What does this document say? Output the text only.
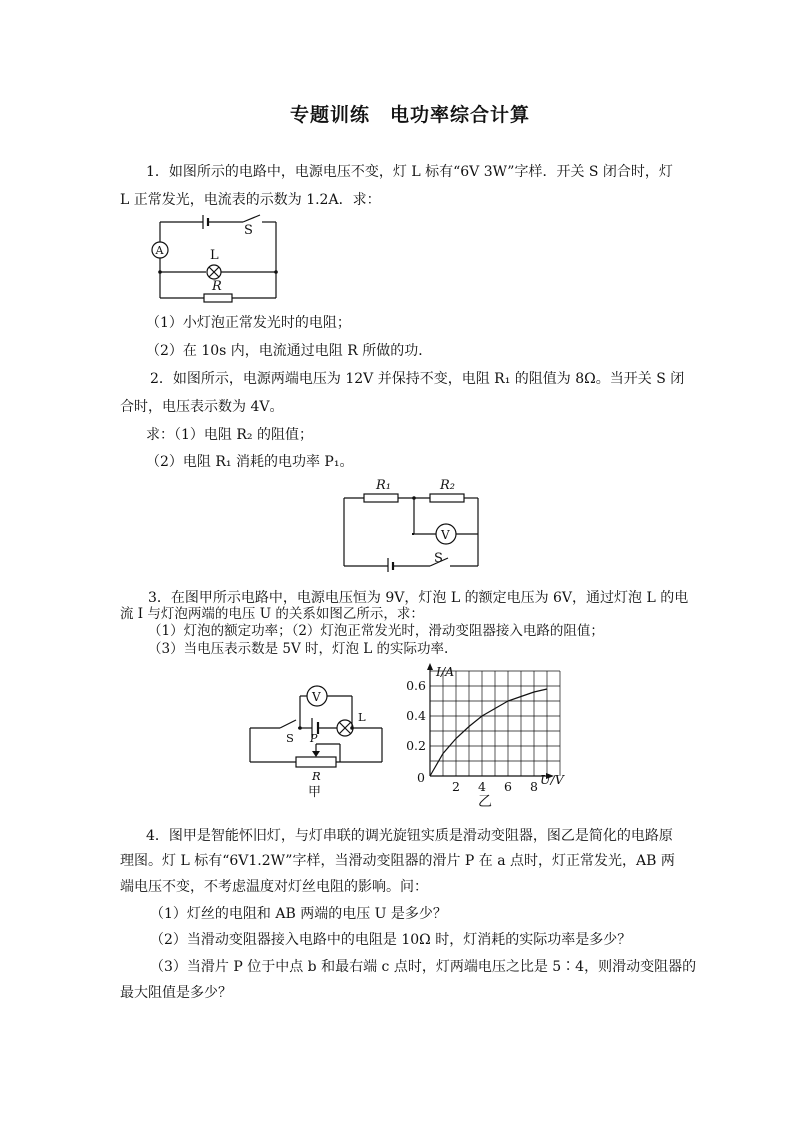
专题训练　电功率综合计算
1．如图所示的电路中，电源电压不变，灯 L 标有“6V 3W”字样．开关 S 闭合时，灯
L 正常发光，电流表的示数为 1.2A．求：
A
S
L
R
（1）小灯泡正常发光时的电阻；
（2）在 10s 内，电流通过电阻 R 所做的功．
2．如图所示，电源两端电压为 12V 并保持不变，电阻 R₁ 的阻值为 8Ω。当开关 S 闭
合时，电压表示数为 4V。
求：（1）电阻 R₂ 的阻值；
（2）电阻 R₁ 消耗的电功率 P₁。
R₁	R₂
V
S
3．在图甲所示电路中，电源电压恒为 9V，灯泡 L 的额定电压为 6V，通过灯泡 L 的电
流 I 与灯泡两端的电压 U 的关系如图乙所示，求：
（1）灯泡的额定功率；（2）灯泡正常发光时，滑动变阻器接入电路的阻值；
（3）当电压表示数是 5V 时，灯泡 L 的实际功率.
V
S
L
P
R
甲
I/A
U/V
0
0.6
0.4
0.2
2 4 6 8
乙
4．图甲是智能怀旧灯，与灯串联的调光旋钮实质是滑动变阻器，图乙是简化的电路原
理图。灯 L 标有“6V1.2W”字样，当滑动变阻器的滑片 P 在 a 点时，灯正常发光，AB 两
端电压不变，不考虑温度对灯丝电阻的影响。问：
（1）灯丝的电阻和 AB 两端的电压 U 是多少？
（2）当滑动变阻器接入电路中的电阻是 10Ω 时，灯消耗的实际功率是多少？
（3）当滑片 P 位于中点 b 和最右端 c 点时，灯两端电压之比是 5∶4，则滑动变阻器的
最大阻值是多少？
